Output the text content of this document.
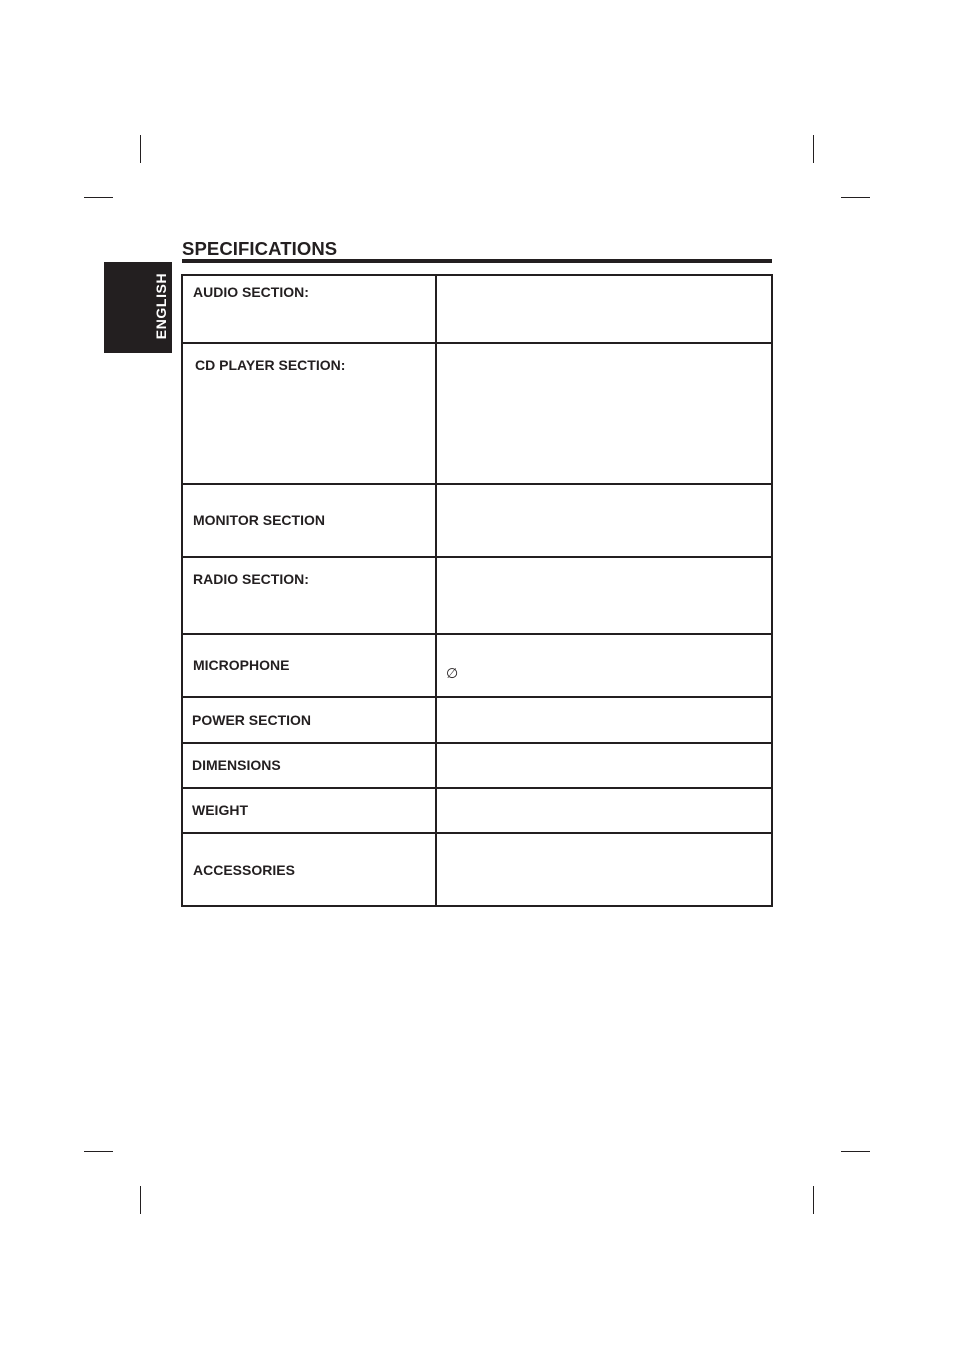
ENGLISH
SPECIFICATIONS
AUDIO SECTION:
CD PLAYER SECTION:
MONITOR SECTION
RADIO SECTION:
MICROPHONE
POWER SECTION
DIMENSIONS
WEIGHT
ACCESSORIES
∅
